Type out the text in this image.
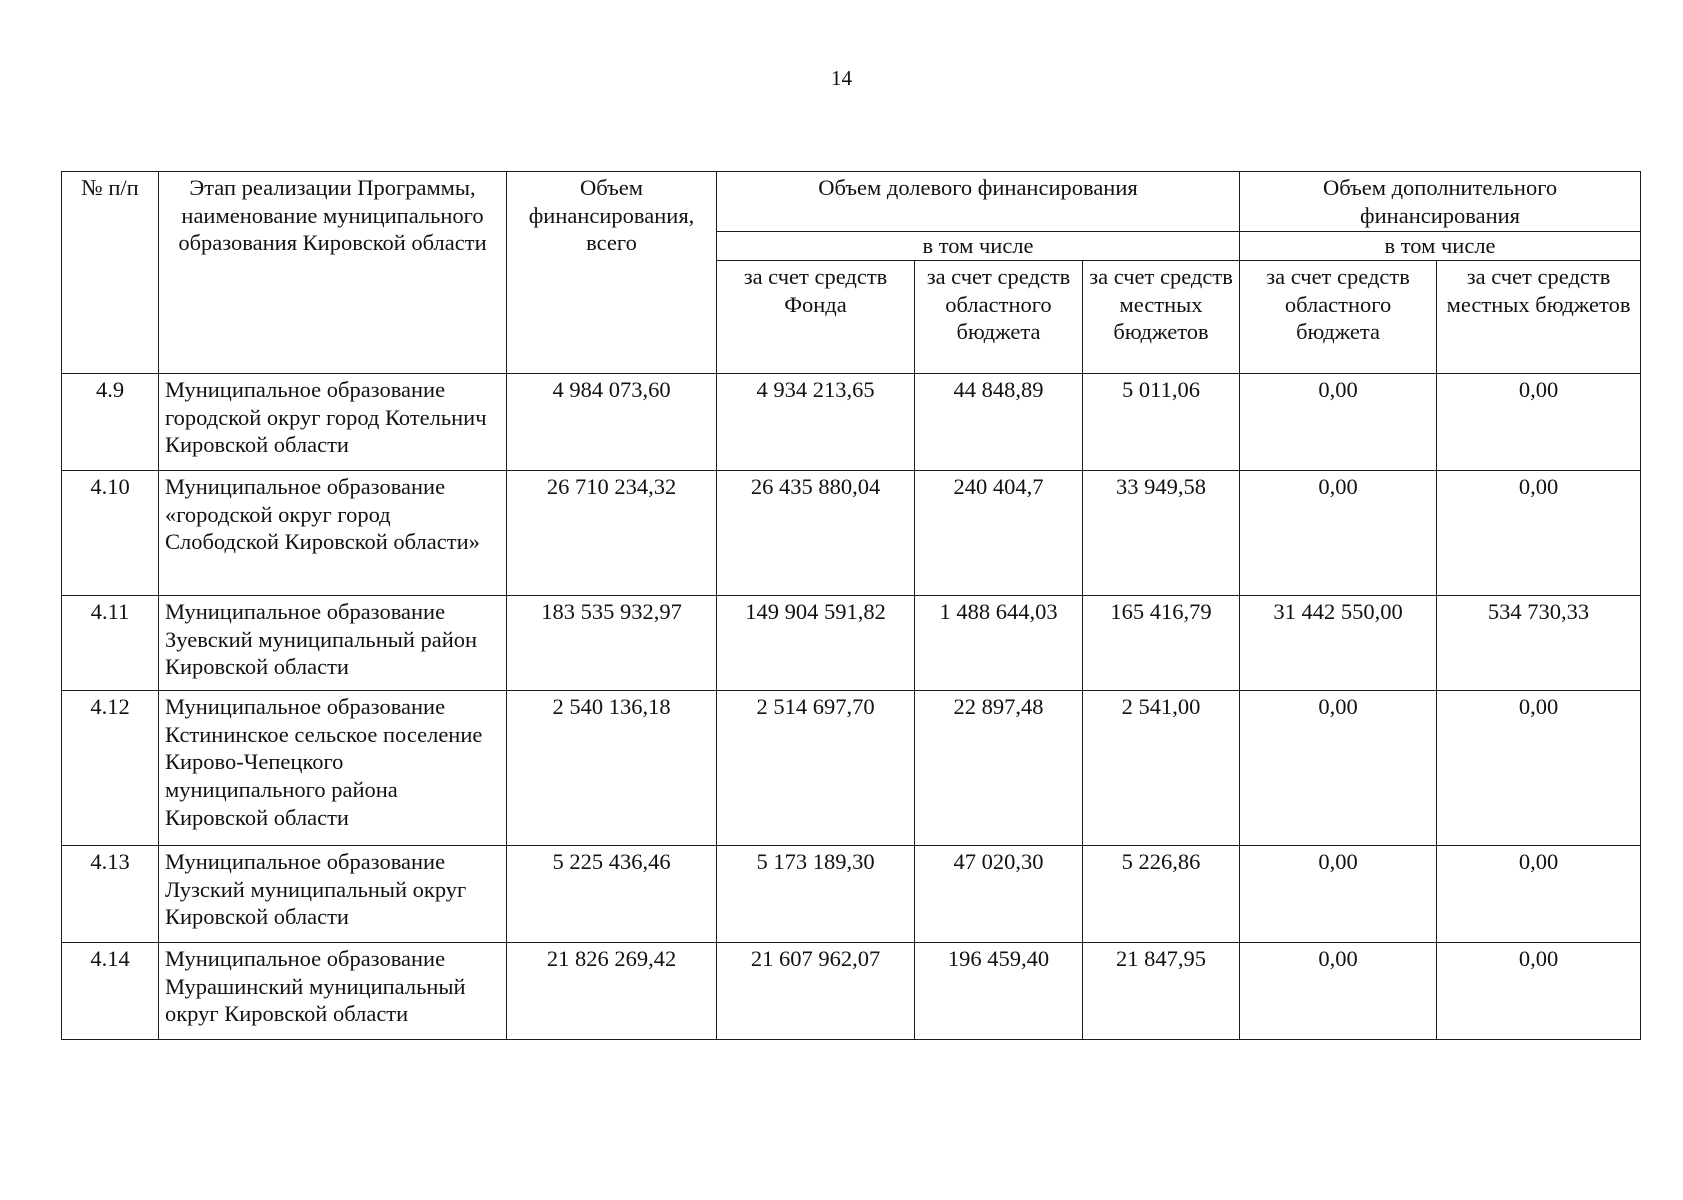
14
№ п/п	Этап реализации Программы, наименование муниципального образования Кировской области	Объем финансирования, всего	Объем долевого финансирования			Объем дополнительного финансирования	
			в том числе			в том числе	
			за счет средств Фонда	за счет средств областного бюджета	за счет средств местных бюджетов	за счет средств областного бюджета	за счет средств местных бюджетов
4.9	Муниципальное образование городской округ город Котельнич Кировской области	4 984 073,60	4 934 213,65	44 848,89	5 011,06	0,00	0,00
4.10	Муниципальное образование «городской округ город Слободской Кировской области»	26 710 234,32	26 435 880,04	240 404,7	33 949,58	0,00	0,00
4.11	Муниципальное образование Зуевский муниципальный район Кировской области	183 535 932,97	149 904 591,82	1 488 644,03	165 416,79	31 442 550,00	534 730,33
4.12	Муниципальное образование Кстининское сельское поселение Кирово-Чепецкого муниципального района Кировской области	2 540 136,18	2 514 697,70	22 897,48	2 541,00	0,00	0,00
4.13	Муниципальное образование Лузский муниципальный округ Кировской области	5 225 436,46	5 173 189,30	47 020,30	5 226,86	0,00	0,00
4.14	Муниципальное образование Мурашинский муниципальный округ Кировской области	21 826 269,42	21 607 962,07	196 459,40	21 847,95	0,00	0,00
